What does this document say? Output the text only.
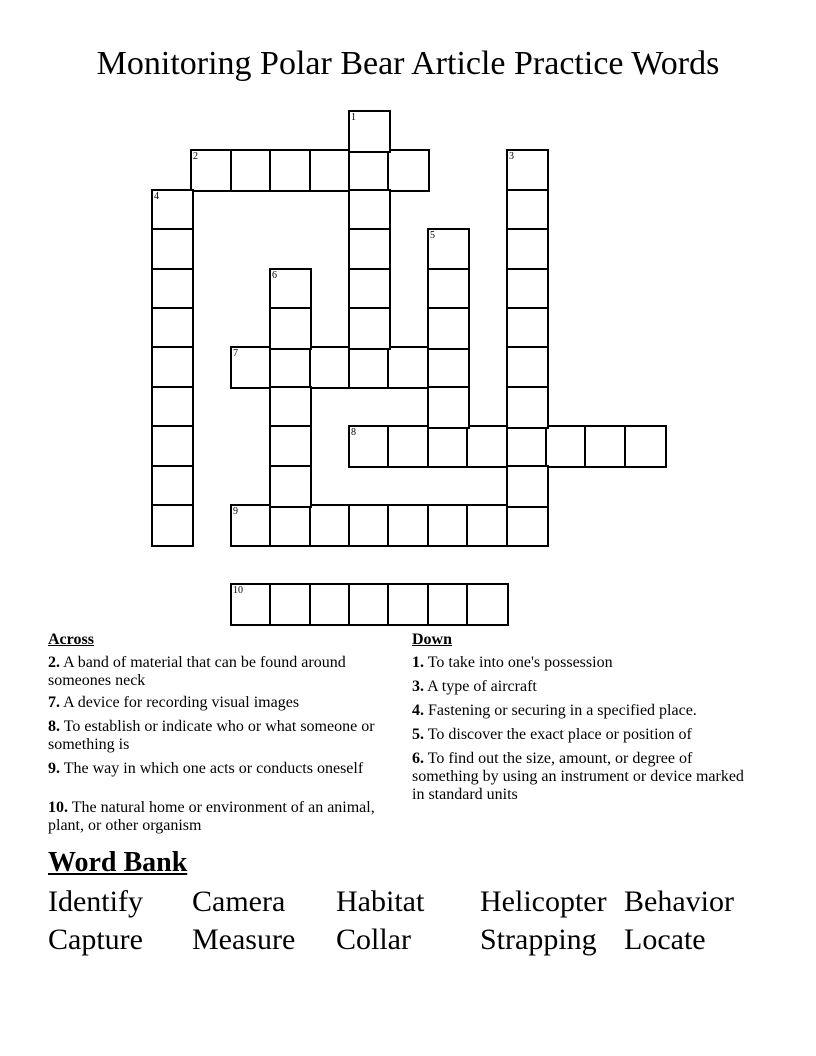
Monitoring Polar Bear Article Practice Words
2
7
8
9
10
1
3
4
5
6
Across	Down
2. A band of material that can be found around someones neck
7. A device for recording visual images
8. To establish or indicate who or what someone or something is
9. The way in which one acts or conducts oneself
10. The natural home or environment of an animal, plant, or other organism
1. To take into one's possession
3. A type of aircraft
4. Fastening or securing in a specified place.
5. To discover the exact place or position of
6. To find out the size, amount, or degree of something by using an instrument or device marked in standard units
Word Bank
Identify Camera Habitat Helicopter Behavior
Capture Measure Collar Strapping Locate
